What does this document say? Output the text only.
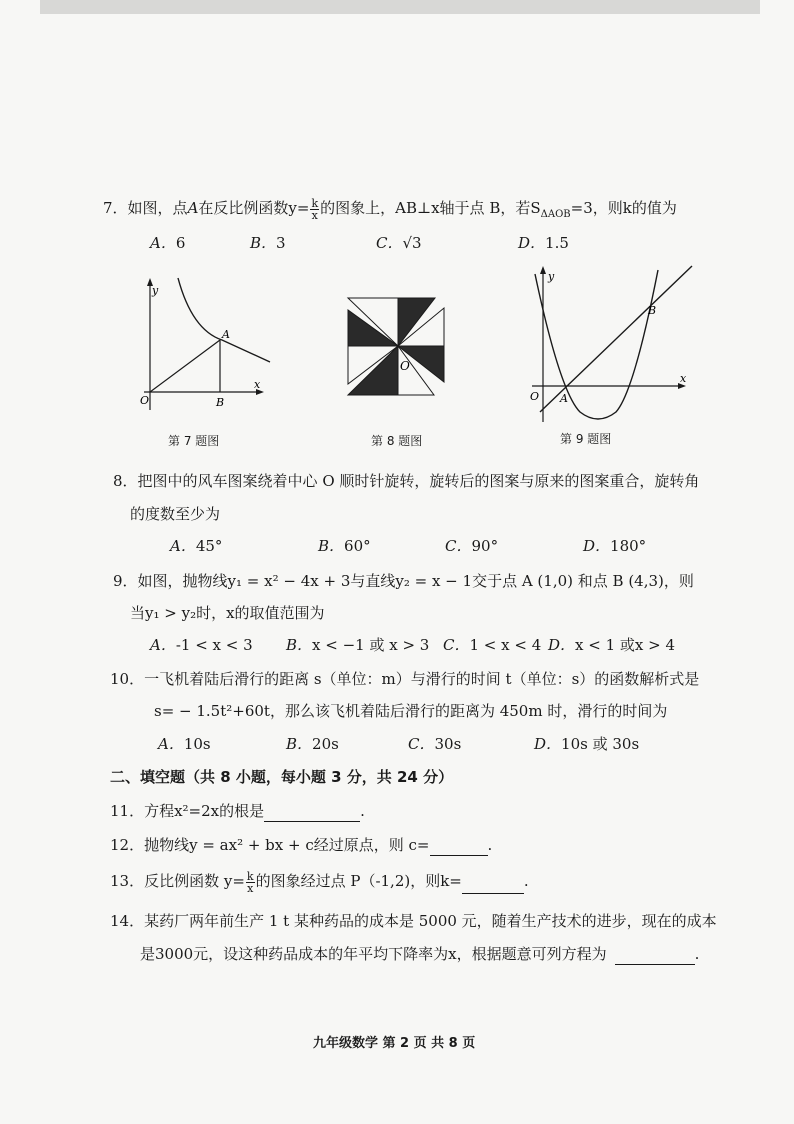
7．如图，点A在反比例函数$y= \frac{k}{x}$ 的图象上，AB⊥x轴于点 B，若$S_{\Delta AOB}=3$，则k的值为
A．6	B．3	C．√3	D．1.5
y
x
O
A
B
第 7 题图
O
第 8 题图
y
x
O A
B
第 9 题图
8．把图中的风车图案绕着中心 O 顺时针旋转，旋转后的图案与原来的图案重合，旋转角
的度数至少为
A．45°	B．60°	C．90°	D．180°
9．如图，抛物线y₁ = x² − 4x + 3与直线y₂ = x − 1交于点 A (1,0) 和点 B (4,3)，则
当y₁ > y₂时，x的取值范围为
A．-1 < x < 3 B．x < −1 或 x > 3 C．1 < x < 4 D．x < 1 或x > 4
10．一飞机着陆后滑行的距离 s（单位：m）与滑行的时间 t（单位：s）的函数解析式是
s= − 1.5t²+60t，那么该飞机着陆后滑行的距离为 450m 时，滑行的时间为
A．10s	B．20s	C．30s	D．10s 或 30s
二、填空题（共 8 小题，每小题 3 分，共 24 分）
11．方程x²=2x的根是	.
12．抛物线y = ax² + bx + c经过原点，则 c=	.
13．反比例函数 $y= \frac{k}{x}$ 的图象经过点 P（-1,2)，则k=	.
14．某药厂两年前生产 1 t 某种药品的成本是 5000 元，随着生产技术的进步，现在的成本
是3000元，设这种药品成本的年平均下降率为x，根据题意可列方程为	.
九年级数学 第 2 页 共 8 页
